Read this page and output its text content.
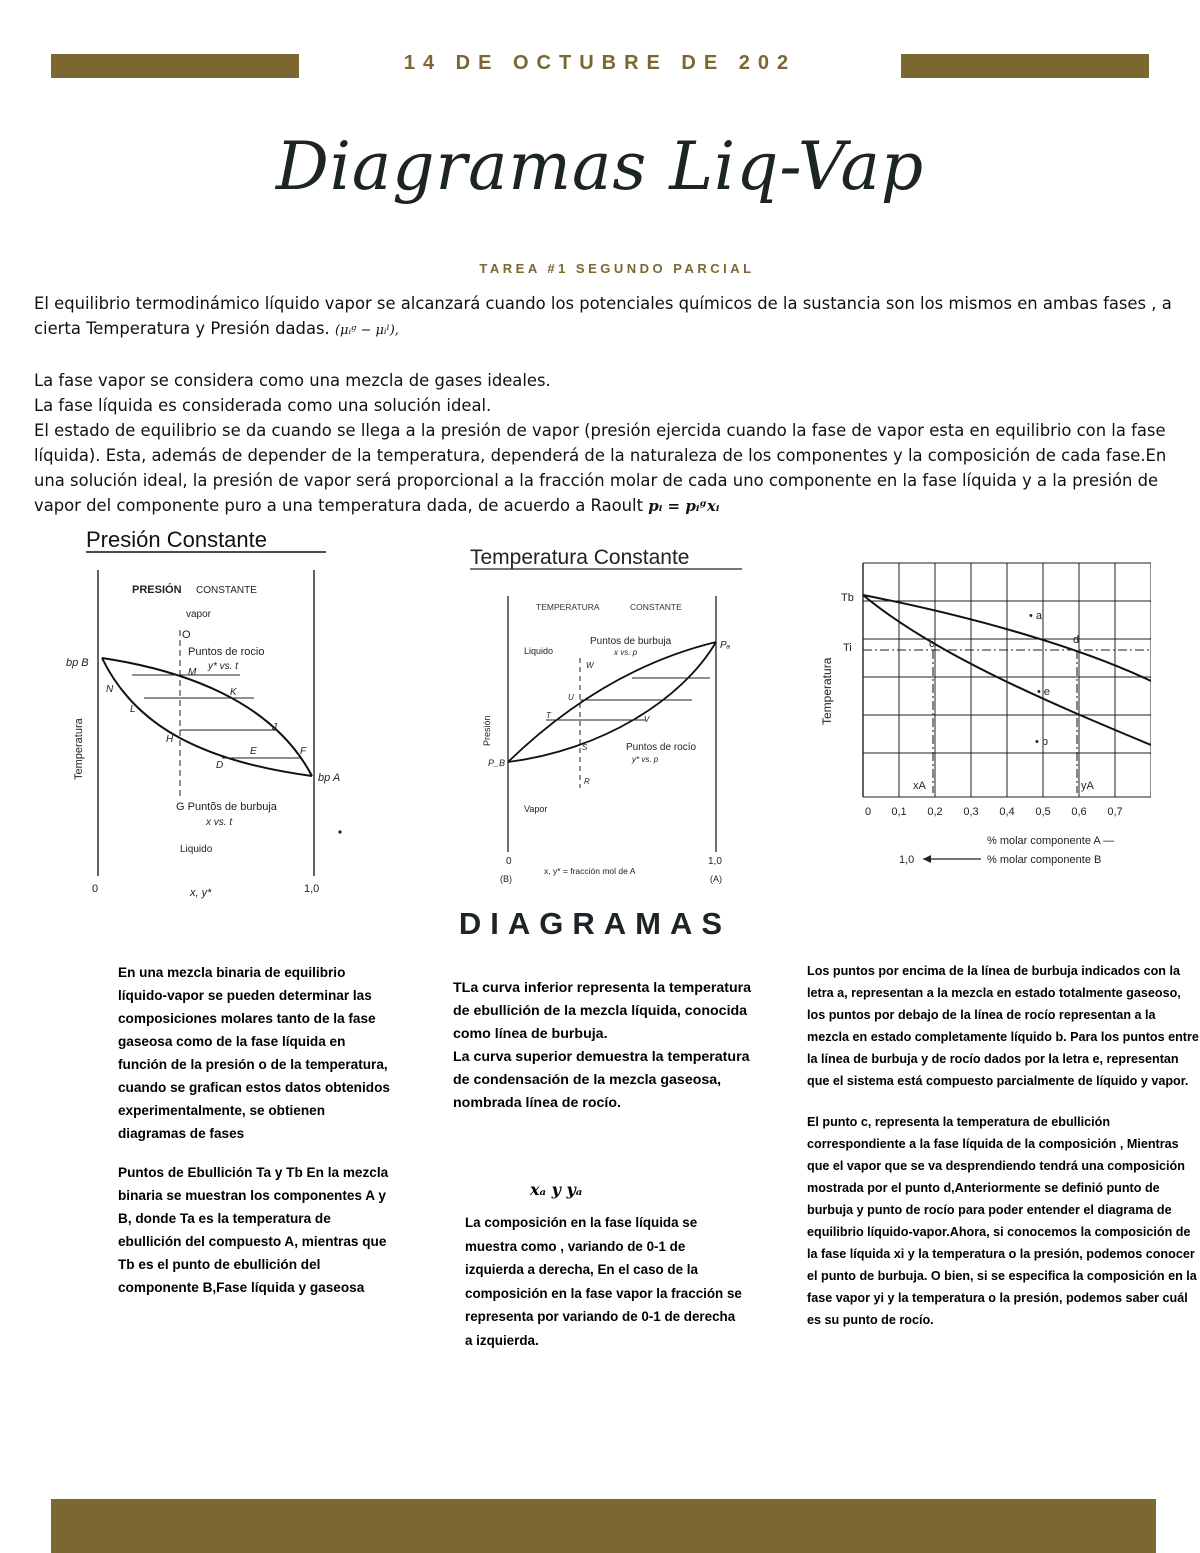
14 DE OCTUBRE DE 202
Diagramas Liq-Vap
TAREA #1 SEGUNDO PARCIAL

El equilibrio termodinámico líquido vapor se alcanzará cuando los potenciales químicos de la sustancia son los mismos en ambas fases , a cierta Temperatura y Presión dadas. (μᵢᵍ − μᵢˡ),

La fase vapor se considera como una mezcla de gases ideales.

La fase líquida es considerada como una solución ideal.

El estado de equilibrio se da cuando se llega a la presión de vapor (presión ejercida cuando la fase de vapor esta en equilibrio con la fase líquida). Esta, además de depender de la temperatura, dependerá de la naturaleza de los componentes y la composición de cada fase.En una solución ideal, la presión de vapor será proporcional a la fracción molar de cada uno componente en la fase líquida y a la presión de vapor del componente puro a una temperatura dada, de acuerdo a Raoult pᵢ = pᵢᵍxᵢ

Presión Constante
PRESIÓN CONSTANTE
vapor
O
Puntos de rocio
y* vs. t
bp B
bp A
N
M
K
L
J
H
E
D
F
Temperatura
G Puntõs de burbuja
x vs. t
Liquido
0	x, y*	1,0
Temperatura Constante
TEMPERATURA	CONSTANTE
Liquido
Puntos de burbuja
x vs. p
Pₐ
P_B
W
U
T	V
S
R
Puntos de rocío
y* vs. p
Presión
Vapor
0
(B)
x, y* = fracción mol de A
1,0
(A)
Tb
Ti
Temperatura
• a
c	d
• e
• b
xA	yA
0 0,1 0,2 0,3 0,4 0,5 0,6 0,7
% molar componente A —
1,0	% molar componente B
DIAGRAMAS

En una mezcla binaria de equilibrio líquido-vapor se pueden determinar las composiciones molares tanto de la fase gaseosa como de la fase líquida en función de la presión o de la temperatura, cuando se grafican estos datos obtenidos experimentalmente, se obtienen diagramas de fases

Puntos de Ebullición Ta y Tb En la mezcla binaria se muestran los componentes A y B, donde Ta es la temperatura de ebullición del compuesto A, mientras que Tb es el punto de ebullición del componente B,Fase líquida y gaseosa

TLa curva inferior representa la temperatura de ebullición de la mezcla líquida, conocida como línea de burbuja.

La curva superior demuestra la temperatura de condensación de la mezcla gaseosa, nombrada línea de rocío.

xₐ y yₐ

La composición en la fase líquida se muestra como , variando de 0-1 de izquierda a derecha, En el caso de la composición en la fase vapor la fracción se representa por variando de 0-1 de derecha a izquierda.

Los puntos por encima de la línea de burbuja indicados con la letra a, representan a la mezcla en estado totalmente gaseoso, los puntos por debajo de la línea de rocío representan a la mezcla en estado completamente líquido b. Para los puntos entre la línea de burbuja y de rocío dados por la letra e, representan que el sistema está compuesto parcialmente de líquido y vapor.

El punto c, representa la temperatura de ebullición correspondiente a la fase líquida de la composición , Mientras que el vapor que se va desprendiendo tendrá una composición mostrada por el punto d,Anteriormente se definió punto de burbuja y punto de rocío para poder entender el diagrama de equilibrio líquido-vapor.Ahora, si conocemos la composición de la fase líquida xi y la temperatura o la presión, podemos conocer el punto de burbuja. O bien, si se especifica la composición en la fase vapor yi y la temperatura o la presión, podemos saber cuál es su punto de rocío.
